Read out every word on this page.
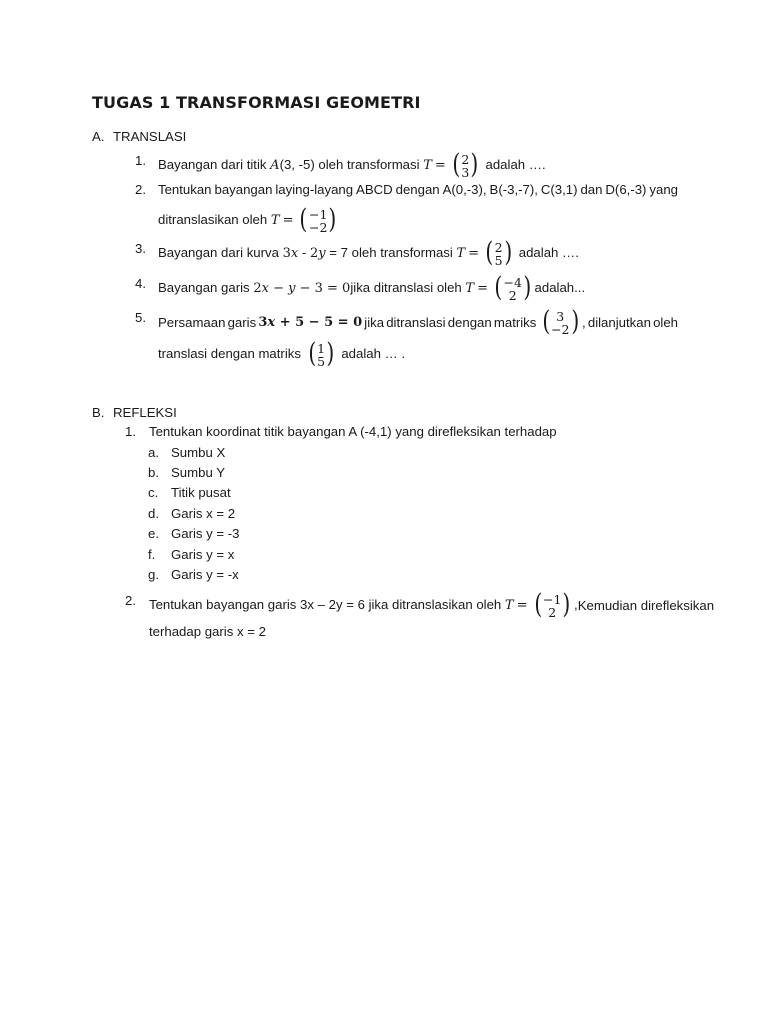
TUGAS 1 TRANSFORMASI GEOMETRI
A. TRANSLASI
1. Bayangan dari titik A(3, -5) oleh transformasi T = ( 2
3 ) adalah ….
2. Tentukan bayangan laying-layang ABCD dengan A(0,-3), B(-3,-7), C(3,1) dan D(6,-3) yang
ditranslasikan oleh T = ( −1
−2 )
3. Bayangan dari kurva 3x - 2y = 7 oleh transformasi T = ( 2
5 ) adalah ….
4. Bayangan garis 2x − y − 3 = 0jika ditranslasi oleh T = ( −4
2 ) adalah...
5. Persamaan garis 3x + 5 − 5 = 0 jika ditranslasi dengan matriks ( 3
−2 ) , dilanjutkan oleh
translasi dengan matriks ( 1
5 ) adalah … .
B. REFLEKSI
1. Tentukan koordinat titik bayangan A (-4,1) yang direfleksikan terhadap
a. Sumbu X
b. Sumbu Y
c. Titik pusat
d. Garis x = 2
e. Garis y = -3
f. Garis y = x
g. Garis y = -x
2. Tentukan bayangan garis 3x – 2y = 6 jika ditranslasikan oleh T = ( −1
2 ) , Kemudian direfleksikan
terhadap garis x = 2
